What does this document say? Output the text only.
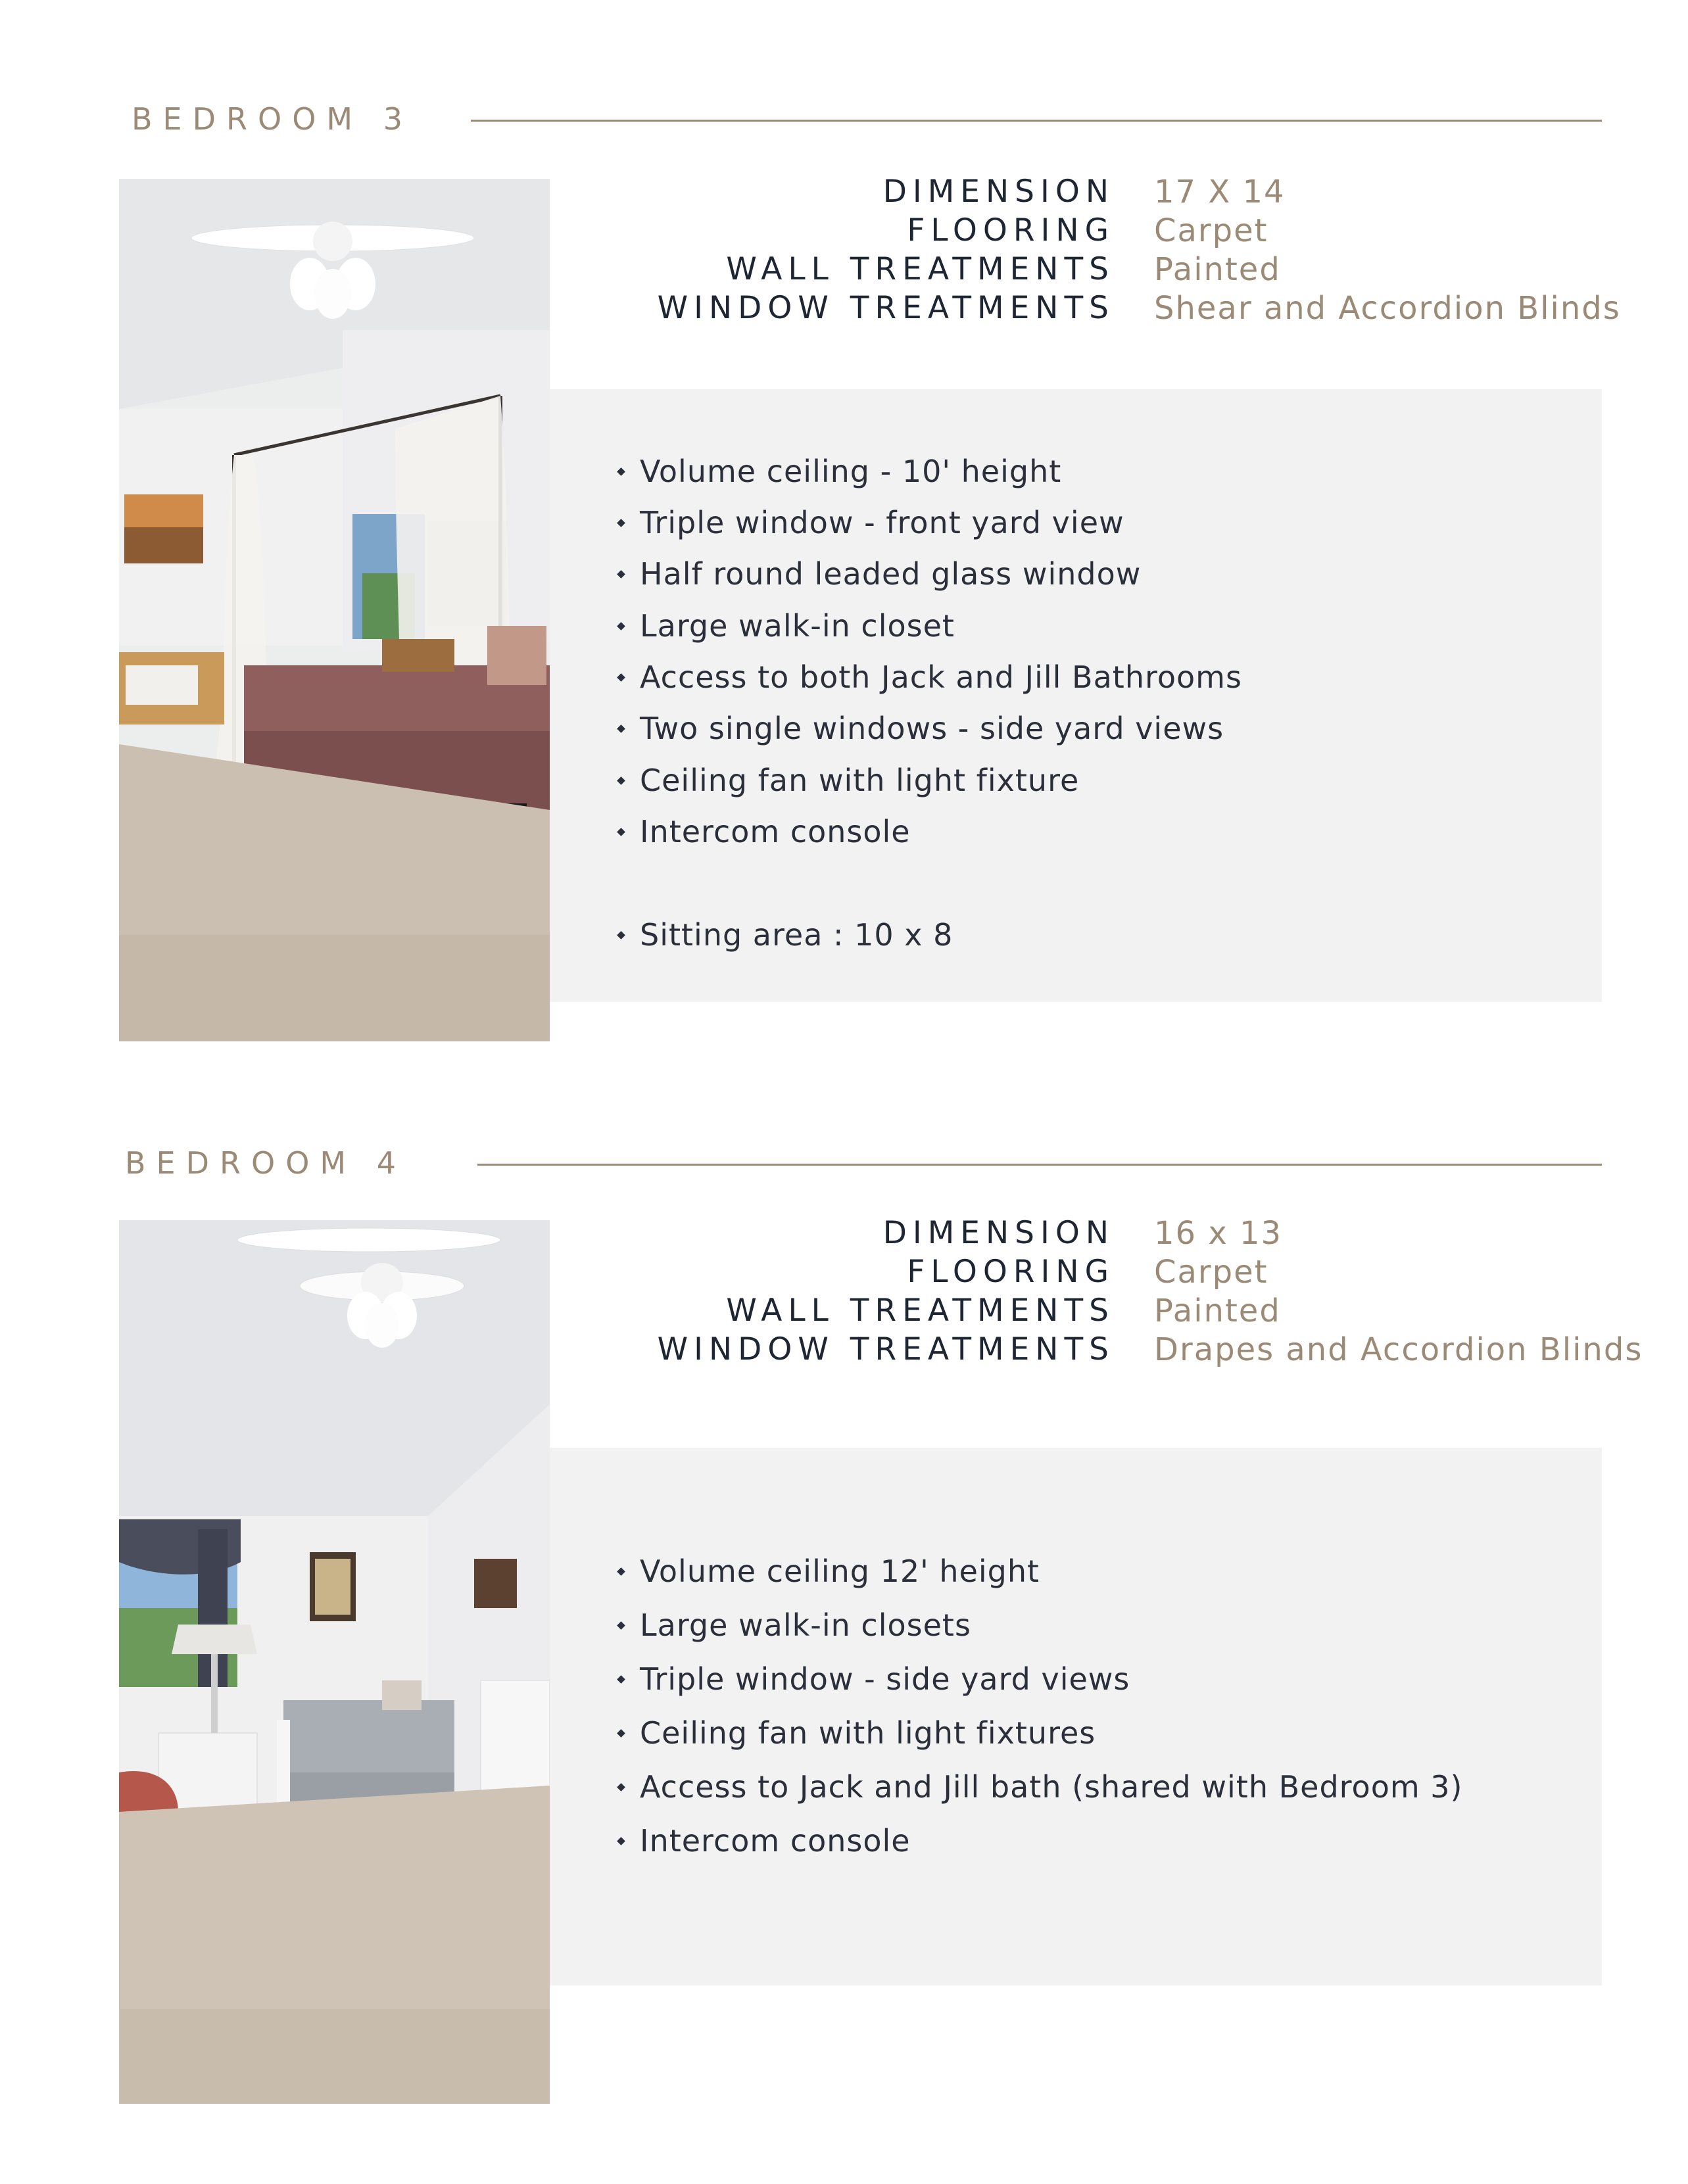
BEDROOM 3
DIMENSION 17 X 14
FLOORING Carpet
WALL TREATMENTS Painted
WINDOW TREATMENTS Shear and Accordion Blinds
Volume ceiling - 10' height
Triple window - front yard view
Half round leaded glass window
Large walk-in closet
Access to both Jack and Jill Bathrooms
Two single windows - side yard views
Ceiling fan with light fixture
Intercom console
Sitting area : 10 x 8
BEDROOM 4
DIMENSION 16 x 13
FLOORING Carpet
WALL TREATMENTS Painted
WINDOW TREATMENTS Drapes and Accordion Blinds
Volume ceiling 12' height
Large walk-in closets
Triple window - side yard views
Ceiling fan with light fixtures
Access to Jack and Jill bath (shared with Bedroom 3)
Intercom console
